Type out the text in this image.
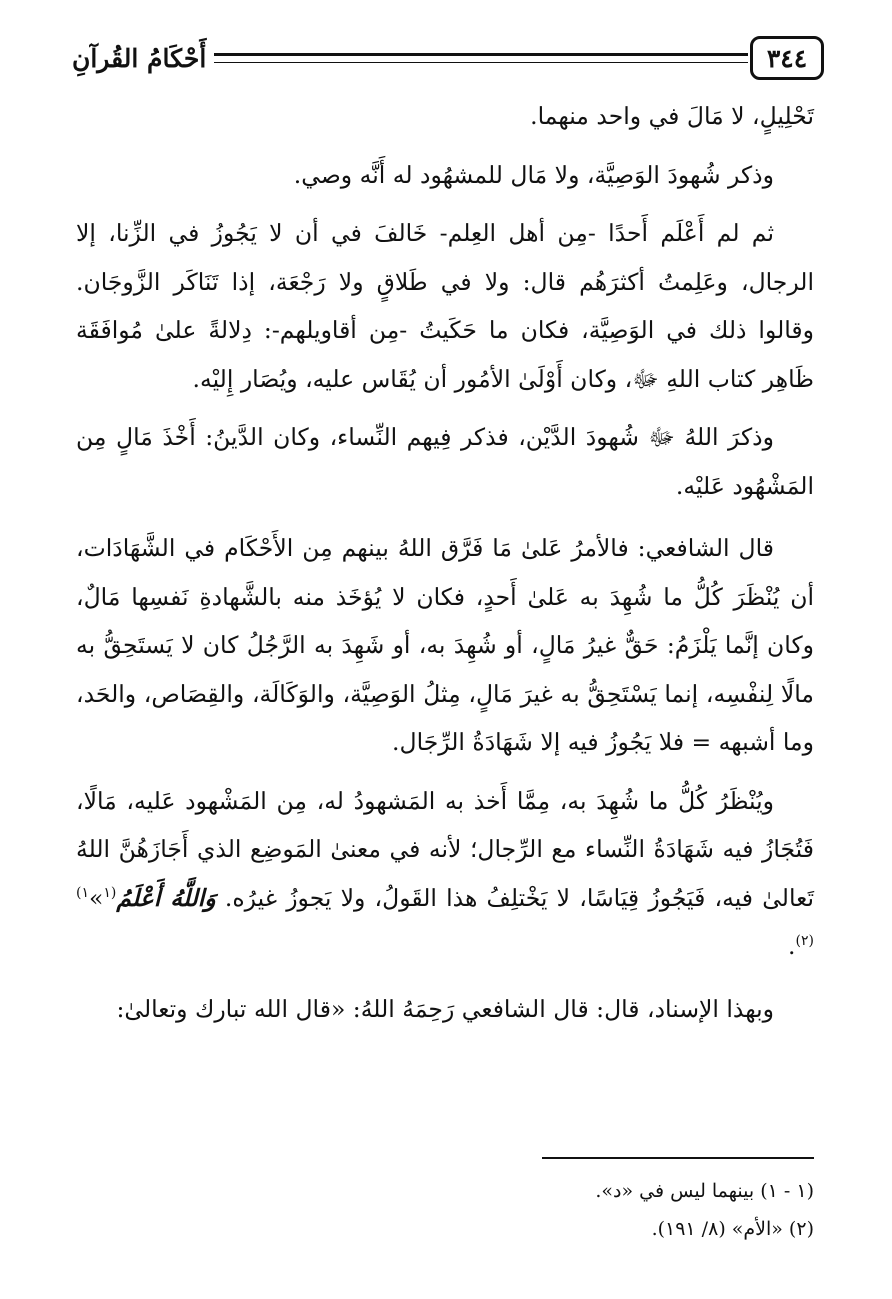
أَحْكَامُ القُرآنِ	٣٤٤

تَحْلِيلٍ، لا مَالَ في واحد منهما.

وذكر شُهودَ الوَصِيَّة، ولا مَال للمشهُود له أَنَّه وصي.

ثم لم أَعْلَم أَحدًا -مِن أهل العِلم- خَالفَ في أن لا يَجُوزُ في الزِّنا، إلا الرجال، وعَلِمتُ أكثرَهُم قال: ولا في طَلاقٍ ولا رَجْعَة، إذا تَنَاكَر الزَّوجَان. وقالوا ذلك في الوَصِيَّة، فكان ما حَكَيتُ -مِن أقاويلهم-: دِلالةً علىٰ مُوافَقَة ظَاهِر كتاب اللهِ ﷻ، وكان أَوْلَىٰ الأمُور أن يُقَاس عليه، ويُصَار إِليْه.

وذكرَ اللهُ ﷻ شُهودَ الدَّيْن، فذكر فِيهم النِّساء، وكان الدَّينُ: أَخْذَ مَالٍ مِن المَشْهُود عَليْه.

قال الشافعي: فالأمرُ عَلىٰ مَا فَرَّق اللهُ بينهم مِن الأَحْكَام في الشَّهَادَات، أن يُنْظَرَ كُلُّ ما شُهِدَ به عَلىٰ أَحدٍ، فكان لا يُؤخَذ منه بالشَّهادةِ نَفسِها مَالٌ، وكان إنَّما يَلْزَمُ: حَقٌّ غيرُ مَالٍ، أو شُهِدَ به، أو شَهِدَ به الرَّجُلُ كان لا يَستَحِقُّ به مالًا لِنفْسِه، إنما يَسْتَحِقُّ به غيرَ مَالٍ، مِثلُ الوَصِيَّة، والوَكَالَة، والقِصَاص، والحَد، وما أشبهه = فلا يَجُوزُ فيه إلا شَهَادَةُ الرِّجَال.

ويُنْظَرُ كُلُّ ما شُهِدَ به، مِمَّا أَخذ به المَشهودُ له، مِن المَشْهود عَليه، مَالًا، فَتُجَازُ فيه شَهَادَةُ النِّساء مع الرِّجال؛ لأنه في معنىٰ المَوضِع الذي أَجَازَهُنَّ اللهُ تَعالىٰ فيه، فَيَجُوزُ قِيَاسًا، لا يَخْتلِفُ هذا القَولُ، ولا يَجوزُ غيرُه. وَاللَّهُ أَعْلَمُ$^{(١}$»$^{١)(٢)}$.

وبهذا الإسناد، قال: قال الشافعي رَحِمَهُ اللهُ: «قال الله تبارك وتعالىٰ:

(١ - ١) بينهما ليس في «د».

(٢) «الأم» (٨/ ١٩١).
